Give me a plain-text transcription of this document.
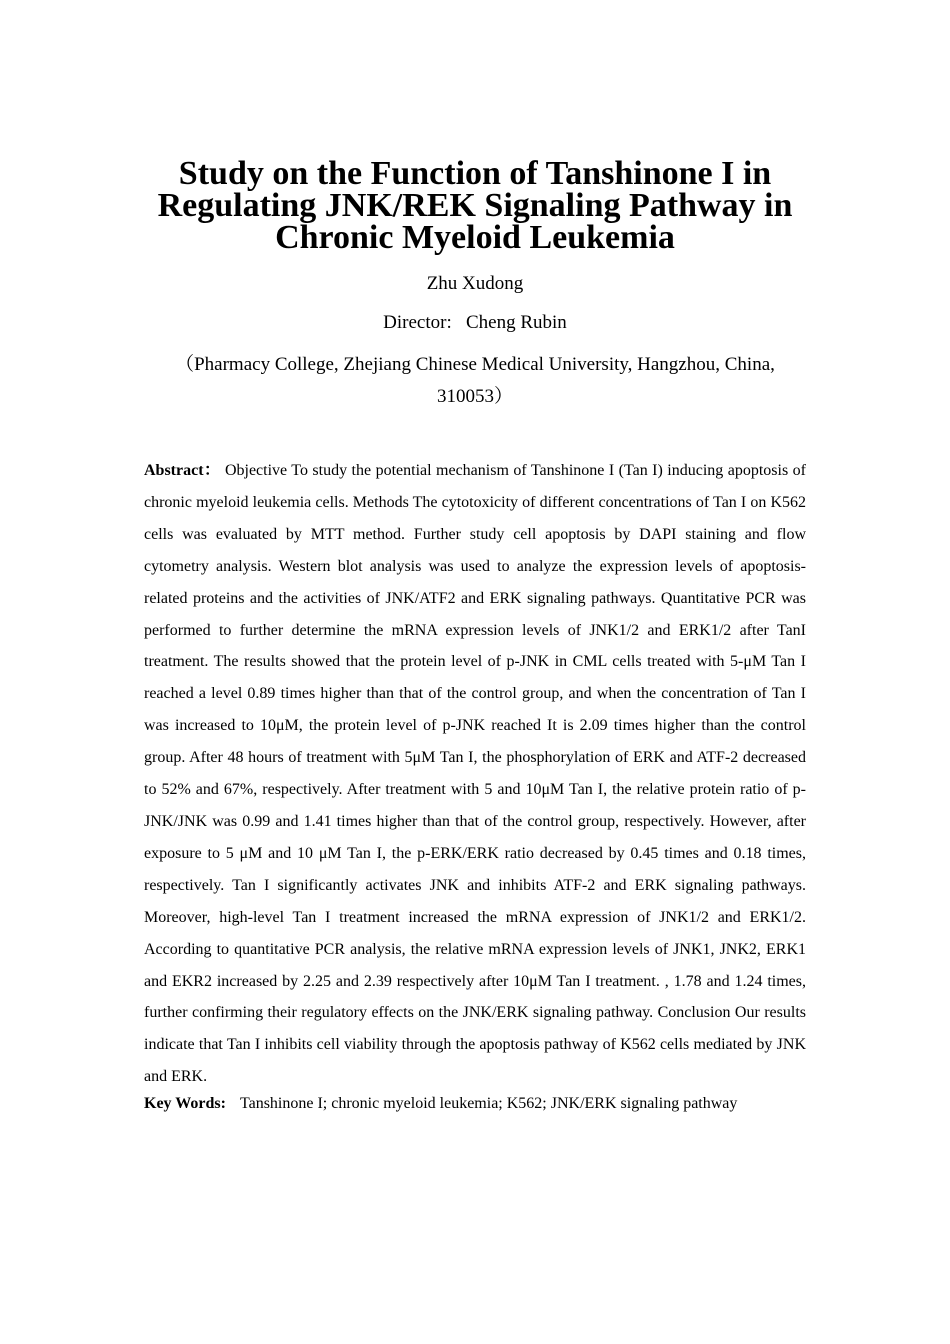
Study on the Function of Tanshinone I in Regulating JNK/REK Signaling Pathway in Chronic Myeloid Leukemia
Zhu Xudong
Director:   Cheng Rubin
（Pharmacy College, Zhejiang Chinese Medical University, Hangzhou, China, 310053）

Abstract： Objective To study the potential mechanism of Tanshinone I (Tan I) inducing apoptosis of chronic myeloid leukemia cells. Methods The cytotoxicity of different concentrations of Tan I on K562 cells was evaluated by MTT method. Further study cell apoptosis by DAPI staining and flow cytometry analysis. Western blot analysis was used to analyze the expression levels of apoptosis-related proteins and the activities of JNK/ATF2 and ERK signaling pathways. Quantitative PCR was performed to further determine the mRNA expression levels of JNK1/2 and ERK1/2 after TanI treatment. The results showed that the protein level of p-JNK in CML cells treated with 5-μM Tan I reached a level 0.89 times higher than that of the control group, and when the concentration of Tan I was increased to 10μM, the protein level of p-JNK reached It is 2.09 times higher than the control group. After 48 hours of treatment with 5μM Tan I, the phosphorylation of ERK and ATF-2 decreased to 52% and 67%, respectively. After treatment with 5 and 10μM Tan I, the relative protein ratio of p-JNK/JNK was 0.99 and 1.41 times higher than that of the control group, respectively. However, after exposure to 5 μM and 10 μM Tan I, the p-ERK/ERK ratio decreased by 0.45 times and 0.18 times, respectively. Tan I significantly activates JNK and inhibits ATF-2 and ERK signaling pathways. Moreover, high-level Tan I treatment increased the mRNA expression of JNK1/2 and ERK1/2. According to quantitative PCR analysis, the relative mRNA expression levels of JNK1, JNK2, ERK1 and EKR2 increased by 2.25 and 2.39 respectively after 10μM Tan I treatment. , 1.78 and 1.24 times, further confirming their regulatory effects on the JNK/ERK signaling pathway. Conclusion Our results indicate that Tan I inhibits cell viability through the apoptosis pathway of K562 cells mediated by JNK and ERK.

Key Words: Tanshinone I; chronic myeloid leukemia; K562; JNK/ERK signaling pathway
